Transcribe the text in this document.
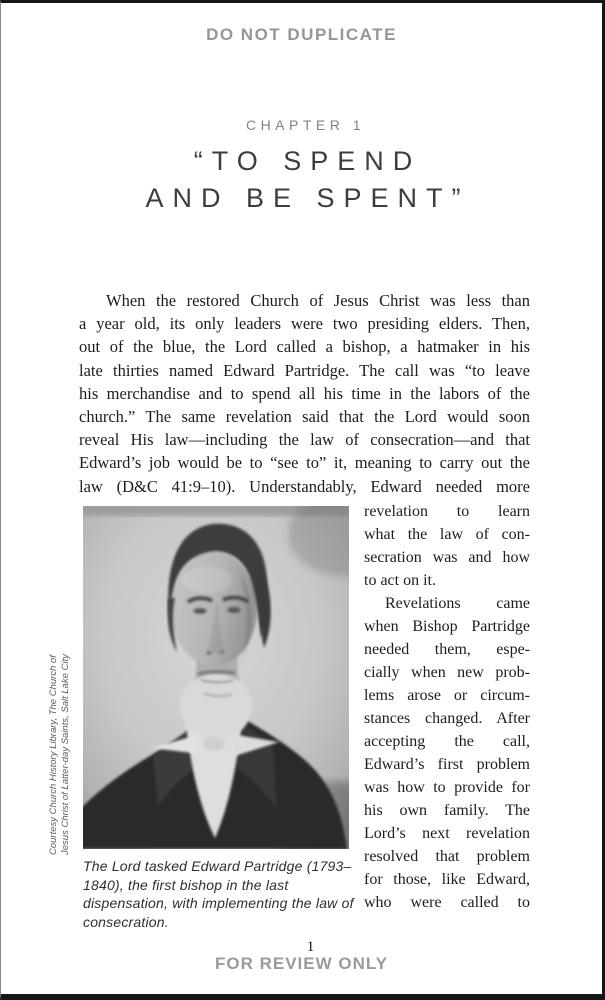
DO NOT DUPLICATE
CHAPTER 1
“TO SPEND
AND BE SPENT”
When the restored Church of Jesus Christ was less than
a year old, its only leaders were two presiding elders. Then,
out of the blue, the Lord called a bishop, a hatmaker in his
late thirties named Edward Partridge. The call was “to leave
his merchandise and to spend all his time in the labors of the
church.” The same revelation said that the Lord would soon
reveal His law—including the law of consecration—and that
Edward’s job would be to “see to” it, meaning to carry out the
law (D&C 41:9–10). Understandably, Edward needed more
revelation to learn
what the law of con-
secration was and how
to act on it.
Revelations came
when Bishop Partridge
needed them, espe-
cially when new prob-
lems arose or circum-
stances changed. After
accepting the call,
Edward’s first problem
was how to provide for
his own family. The
Lord’s next revelation
resolved that problem
for those, like Edward,
who were called to
Courtesy Church History Library, The Church of Jesus Christ of Latter-day Saints, Salt Lake City
The Lord tasked Edward Partridge (1793–1840), the first bishop in the last dispensation, with implementing the law of consecration.
1
FOR REVIEW ONLY
